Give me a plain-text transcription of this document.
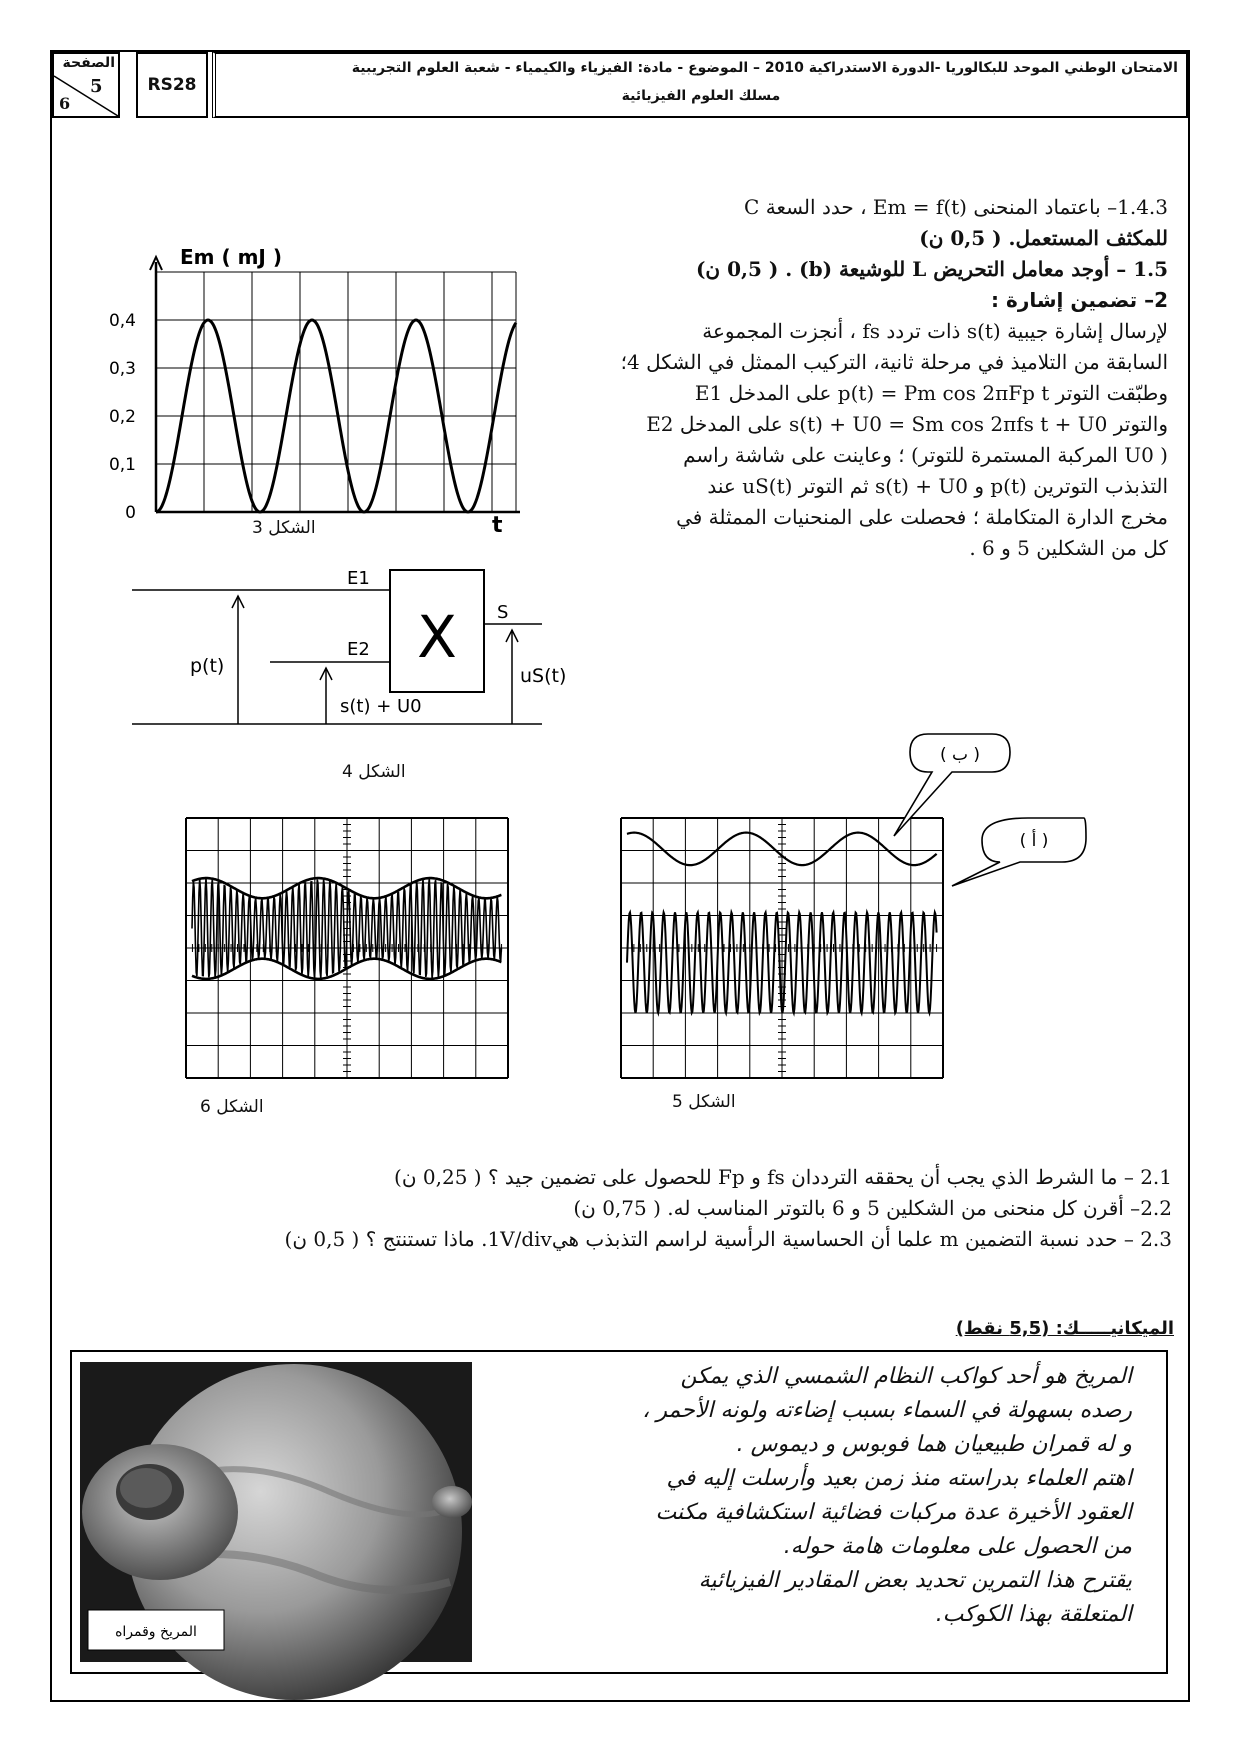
الصفحة
5
6
RS28
الامتحان الوطني الموحد للبكالوريا -الدورة الاستدراكية 2010 – الموضوع - مادة: الفيزياء والكيمياء - شعبة العلوم التجريبية
مسلك العلوم الفيزيائية
Em ( mJ )
0
0,1
0,2
0,3
0,4
t
الشكل 3
X
E1
E2
S
p(t)
s(t) + U0
uS(t)
الشكل 4
الشكل 6
( ب )
( أ )
الشكل 5
1.4.3– باعتماد المنحنى Em = f(t) ، حدد السعة C
للمكثف المستعمل. ( 0,5 ن)
1.5 – أوجد معامل التحريض L للوشيعة (b) . ( 0,5 ن)
2– تضمين إشارة :
لإرسال إشارة جيبية s(t) ذات تردد fs ، أنجزت المجموعة
السابقة من التلاميذ في مرحلة ثانية، التركيب الممثل في الشكل 4؛
وطبّقت التوتر p(t) = Pm cos 2πFp t على المدخل E1
والتوتر s(t) + U0 = Sm cos 2πfs t + U0 على المدخل E2
( U0 المركبة المستمرة للتوتر) ؛ وعاينت على شاشة راسم
التذبذب التوترين p(t) و s(t) + U0 ثم التوتر uS(t) عند
مخرج الدارة المتكاملة ؛ فحصلت على المنحنيات الممثلة في
كل من الشكلين 5 و 6 .
2.1 – ما الشرط الذي يجب أن يحققه الترددان fs و Fp للحصول على تضمين جيد ؟ ( 0,25 ن)
2.2– أقرن كل منحنى من الشكلين 5 و 6 بالتوتر المناسب له. ( 0,75 ن)
2.3 – حدد نسبة التضمين m علما أن الحساسية الرأسية لراسم التذبذب هي1V/div. ماذا تستنتج ؟ ( 0,5 ن)
الميكانيـــــك: (5,5 نقط)
المريخ وقمراه
المريخ هو أحد كواكب النظام الشمسي الذي يمكن
رصده بسهولة في السماء بسبب إضاءته ولونه الأحمر ،
و له قمران طبيعيان هما فوبوس و ديموس .
اهتم العلماء بدراسته منذ زمن بعيد وأرسلت إليه في
العقود الأخيرة عدة مركبات فضائية استكشافية مكنت
من الحصول على معلومات هامة حوله.
يقترح هذا التمرين تحديد بعض المقادير الفيزيائية
المتعلقة بهذا الكوكب.
